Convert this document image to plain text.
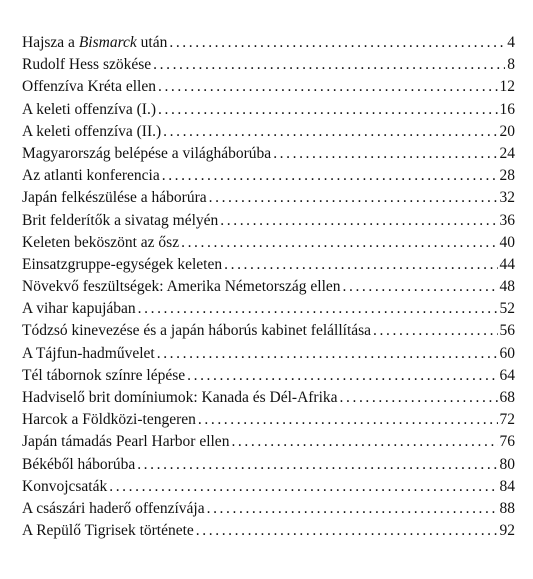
Hajsza a Bismarck után .....	4
Rudolf Hess szökése .....	8
Offenzíva Kréta ellen .....	12
A keleti offenzíva (I.) .....	16
A keleti offenzíva (II.) .....	20
Magyarország belépése a világháborúba .....	24
Az atlanti konferencia .....	28
Japán felkészülése a háborúra .....	32
Brit felderítők a sivatag mélyén .....	36
Keleten beköszönt az ősz .....	40
Einsatzgruppe-egységek keleten .....	44
Növekvő feszültségek: Amerika Németország ellen .....	48
A vihar kapujában .....	52
Tódzsó kinevezése és a japán háborús kabinet felállítása .....	56
A Tájfun-hadművelet .....	60
Tél tábornok színre lépése .....	64
Hadviselő brit domíniumok: Kanada és Dél-Afrika .....	68
Harcok a Földközi-tengeren .....	72
Japán támadás Pearl Harbor ellen .....	76
Békéből háborúba .....	80
Konvojcsaták .....	84
A császári haderő offenzívája .....	88
A Repülő Tigrisek története .....	92
